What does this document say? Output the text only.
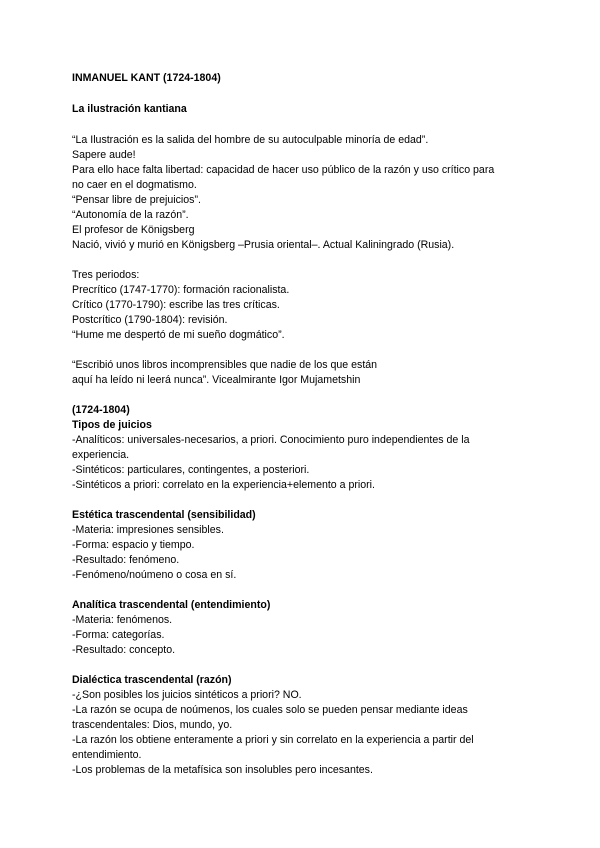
INMANUEL KANT (1724-1804)
La ilustración kantiana
“La Ilustración es la salida del hombre de su autoculpable minoría de edad”.
Sapere aude!
Para ello hace falta libertad: capacidad de hacer uso público de la razón y uso crítico para
no caer en el dogmatismo.
“Pensar libre de prejuicios”.
“Autonomía de la razón”.
El profesor de Königsberg
Nació, vivió y murió en Königsberg –Prusia oriental–. Actual Kaliningrado (Rusia).
Tres periodos:
Precrítico (1747-1770): formación racionalista.
Crítico (1770-1790): escribe las tres críticas.
Postcrítico (1790-1804): revisión.
“Hume me despertó de mi sueño dogmático”.
“Escribió unos libros incomprensibles que nadie de los que están
aquí ha leído ni leerá nunca”. Vicealmirante Igor Mujametshin
(1724-1804)
Tipos de juicios
-Analíticos: universales-necesarios, a priori. Conocimiento puro independientes de la
experiencia.
-Sintéticos: particulares, contingentes, a posteriori.
-Sintéticos a priori: correlato en la experiencia+elemento a priori.
Estética trascendental (sensibilidad)
-Materia: impresiones sensibles.
-Forma: espacio y tiempo.
-Resultado: fenómeno.
-Fenómeno/noúmeno o cosa en sí.
Analítica trascendental (entendimiento)
-Materia: fenómenos.
-Forma: categorías.
-Resultado: concepto.
Dialéctica trascendental (razón)
-¿Son posibles los juicios sintéticos a priori? NO.
-La razón se ocupa de noúmenos, los cuales solo se pueden pensar mediante ideas
trascendentales: Dios, mundo, yo.
-La razón los obtiene enteramente a priori y sin correlato en la experiencia a partir del
entendimiento.
-Los problemas de la metafísica son insolubles pero incesantes.
